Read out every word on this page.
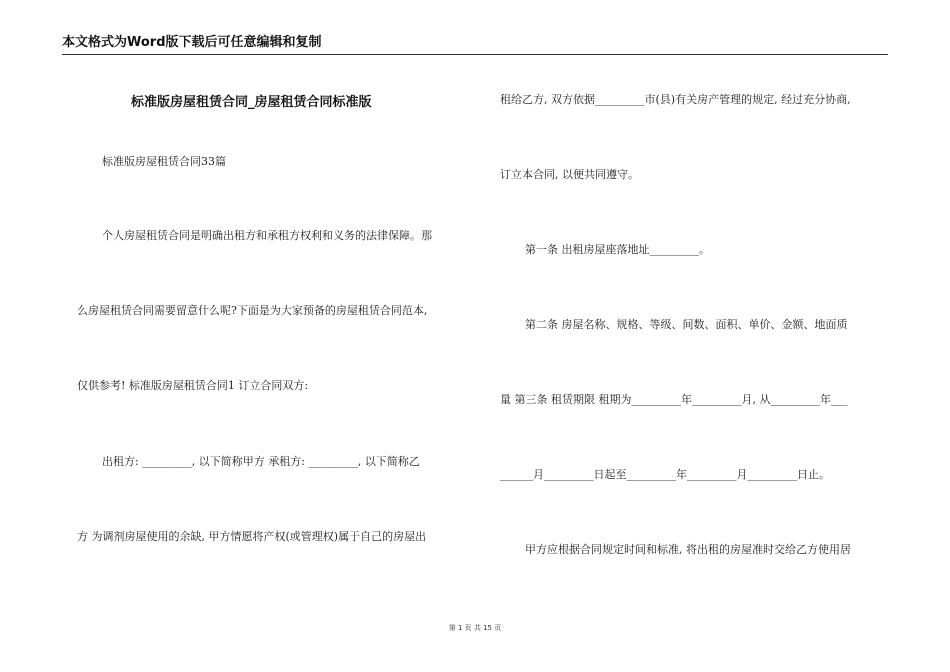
本文格式为Word版下载后可任意编辑和复制
标准版房屋租赁合同_房屋租赁合同标准版
标准版房屋租赁合同33篇
个人房屋租赁合同是明确出租方和承租方权利和义务的法律保障。那
么房屋租赁合同需要留意什么呢?下面是为大家预备的房屋租赁合同范本,
仅供参考! 标准版房屋租赁合同1 订立合同双方:
出租方: _________, 以下简称甲方 承租方: _________, 以下简称乙
方 为调剂房屋使用的余缺, 甲方情愿将产权(或管理权)属于自己的房屋出
租给乙方, 双方依据_________市(县)有关房产管理的规定, 经过充分协商,
订立本合同, 以便共同遵守。
第一条 出租房屋座落地址_________。
第二条 房屋名称、规格、等级、间数、面积、单价、金额、地面质
量 第三条 租赁期限 租期为_________年_________月, 从_________年___
______月_________日起至_________年_________月_________日止。
甲方应根据合同规定时间和标准, 将出租的房屋准时交给乙方使用居
第 1 页 共 15 页
